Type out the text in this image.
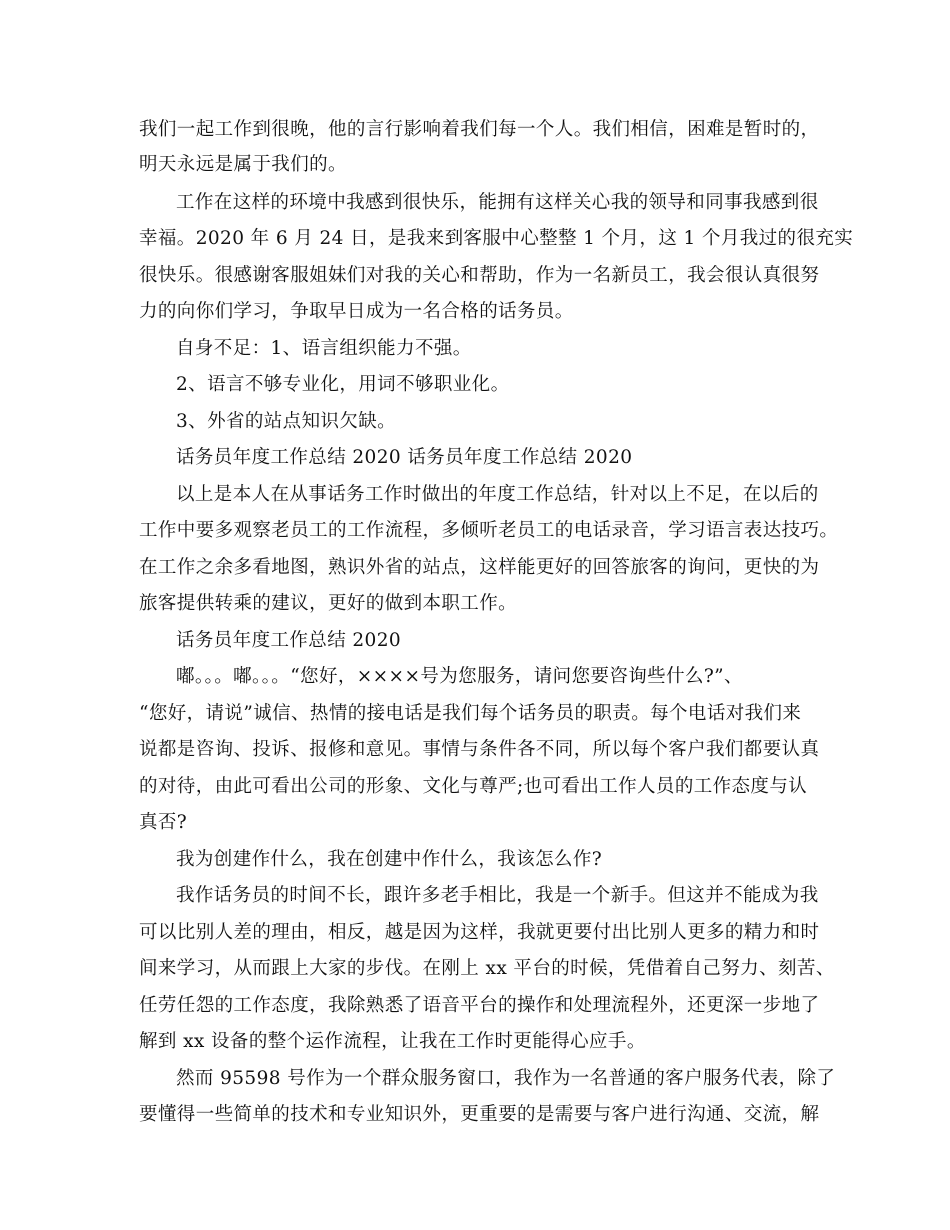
我们一起工作到很晚，他的言行影响着我们每一个人。我们相信，困难是暂时的，
明天永远是属于我们的。
工作在这样的环境中我感到很快乐，能拥有这样关心我的领导和同事我感到很
幸福。2020 年 6 月 24 日，是我来到客服中心整整 1 个月，这 1 个月我过的很充实
很快乐。很感谢客服姐妹们对我的关心和帮助，作为一名新员工，我会很认真很努
力的向你们学习，争取早日成为一名合格的话务员。
自身不足：1、语言组织能力不强。
2、语言不够专业化，用词不够职业化。
3、外省的站点知识欠缺。
话务员年度工作总结 2020 话务员年度工作总结 2020
以上是本人在从事话务工作时做出的年度工作总结，针对以上不足，在以后的
工作中要多观察老员工的工作流程，多倾听老员工的电话录音，学习语言表达技巧。
在工作之余多看地图，熟识外省的站点，这样能更好的回答旅客的询问，更快的为
旅客提供转乘的建议，更好的做到本职工作。
话务员年度工作总结 2020
嘟。。。嘟。。。“您好，××××号为您服务，请问您要咨询些什么?”、
“您好，请说”诚信、热情的接电话是我们每个话务员的职责。每个电话对我们来
说都是咨询、投诉、报修和意见。事情与条件各不同，所以每个客户我们都要认真
的对待，由此可看出公司的形象、文化与尊严;也可看出工作人员的工作态度与认
真否?
我为创建作什么，我在创建中作什么，我该怎么作?
我作话务员的时间不长，跟许多老手相比，我是一个新手。但这并不能成为我
可以比别人差的理由，相反，越是因为这样，我就更要付出比别人更多的精力和时
间来学习，从而跟上大家的步伐。在刚上 xx 平台的时候，凭借着自己努力、刻苦、
任劳任怨的工作态度，我除熟悉了语音平台的操作和处理流程外，还更深一步地了
解到 xx 设备的整个运作流程，让我在工作时更能得心应手。
然而 95598 号作为一个群众服务窗口，我作为一名普通的客户服务代表，除了
要懂得一些简单的技术和专业知识外，更重要的是需要与客户进行沟通、交流，解
